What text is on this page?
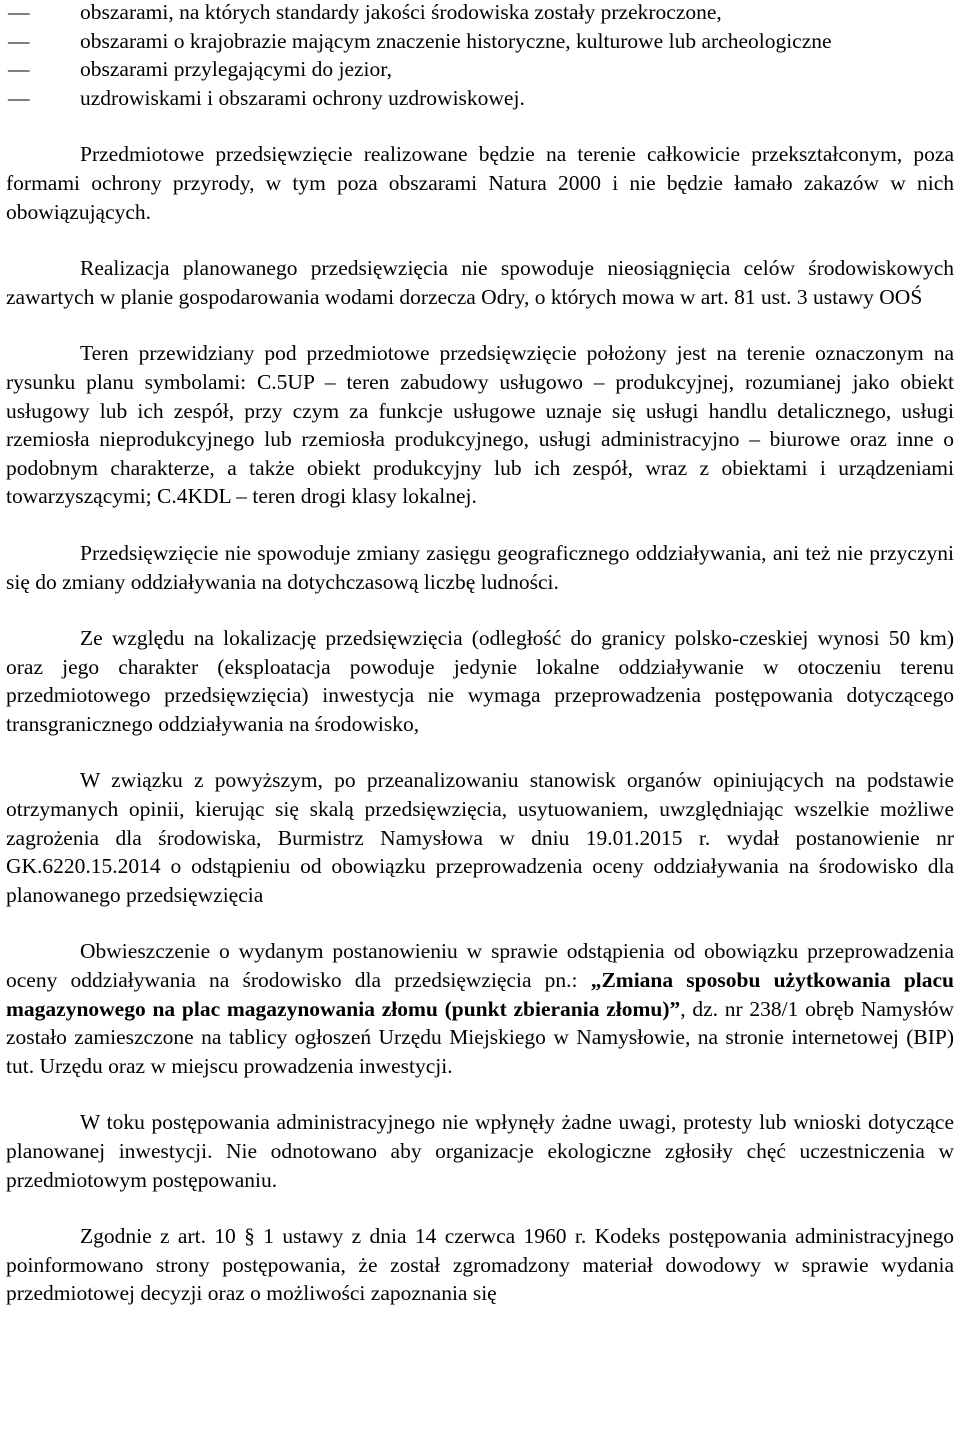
— obszarami, na których standardy jakości środowiska zostały przekroczone,
— obszarami o krajobrazie mającym znaczenie historyczne, kulturowe lub archeologiczne
— obszarami przylegającymi do jezior,
— uzdrowiskami i obszarami ochrony uzdrowiskowej.

Przedmiotowe przedsięwzięcie realizowane będzie na terenie całkowicie przekształconym, poza formami ochrony przyrody, w tym poza obszarami Natura 2000 i nie będzie łamało zakazów w nich obowiązujących.

Realizacja planowanego przedsięwzięcia nie spowoduje nieosiągnięcia celów środowiskowych zawartych w planie gospodarowania wodami dorzecza Odry, o których mowa w art. 81 ust. 3 ustawy OOŚ

Teren przewidziany pod przedmiotowe przedsięwzięcie położony jest na terenie oznaczonym na rysunku planu symbolami: C.5UP – teren zabudowy usługowo – produkcyjnej, rozumianej jako obiekt usługowy lub ich zespół, przy czym za funkcje usługowe uznaje się usługi handlu detalicznego, usługi rzemiosła nieprodukcyjnego lub rzemiosła produkcyjnego, usługi administracyjno – biurowe oraz inne o podobnym charakterze, a także obiekt produkcyjny lub ich zespół, wraz z obiektami i urządzeniami towarzyszącymi; C.4KDL – teren drogi klasy lokalnej.

Przedsięwzięcie nie spowoduje zmiany zasięgu geograficznego oddziaływania, ani też nie przyczyni się do zmiany oddziaływania na dotychczasową liczbę ludności.

Ze względu na lokalizację przedsięwzięcia (odległość do granicy polsko-czeskiej wynosi 50 km) oraz jego charakter (eksploatacja powoduje jedynie lokalne oddziaływanie w otoczeniu terenu przedmiotowego przedsięwzięcia) inwestycja nie wymaga przeprowadzenia postępowania dotyczącego transgranicznego oddziaływania na środowisko,

W związku z powyższym, po przeanalizowaniu stanowisk organów opiniujących na podstawie otrzymanych opinii, kierując się skalą przedsięwzięcia, usytuowaniem, uwzględniając wszelkie możliwe zagrożenia dla środowiska, Burmistrz Namysłowa w dniu 19.01.2015 r. wydał postanowienie nr GK.6220.15.2014 o odstąpieniu od obowiązku przeprowadzenia oceny oddziaływania na środowisko dla planowanego przedsięwzięcia

Obwieszczenie o wydanym postanowieniu w sprawie odstąpienia od obowiązku przeprowadzenia oceny oddziaływania na środowisko dla przedsięwzięcia pn.: „Zmiana sposobu użytkowania placu magazynowego na plac magazynowania złomu (punkt zbierania złomu)”, dz. nr 238/1 obręb Namysłów zostało zamieszczone na tablicy ogłoszeń Urzędu Miejskiego w Namysłowie, na stronie internetowej (BIP) tut. Urzędu oraz w miejscu prowadzenia inwestycji.

W toku postępowania administracyjnego nie wpłynęły żadne uwagi, protesty lub wnioski dotyczące planowanej inwestycji. Nie odnotowano aby organizacje ekologiczne zgłosiły chęć uczestniczenia w przedmiotowym postępowaniu.

Zgodnie z art. 10 § 1 ustawy z dnia 14 czerwca 1960 r. Kodeks postępowania administracyjnego poinformowano strony postępowania, że został zgromadzony materiał dowodowy w sprawie wydania przedmiotowej decyzji oraz o możliwości zapoznania się
